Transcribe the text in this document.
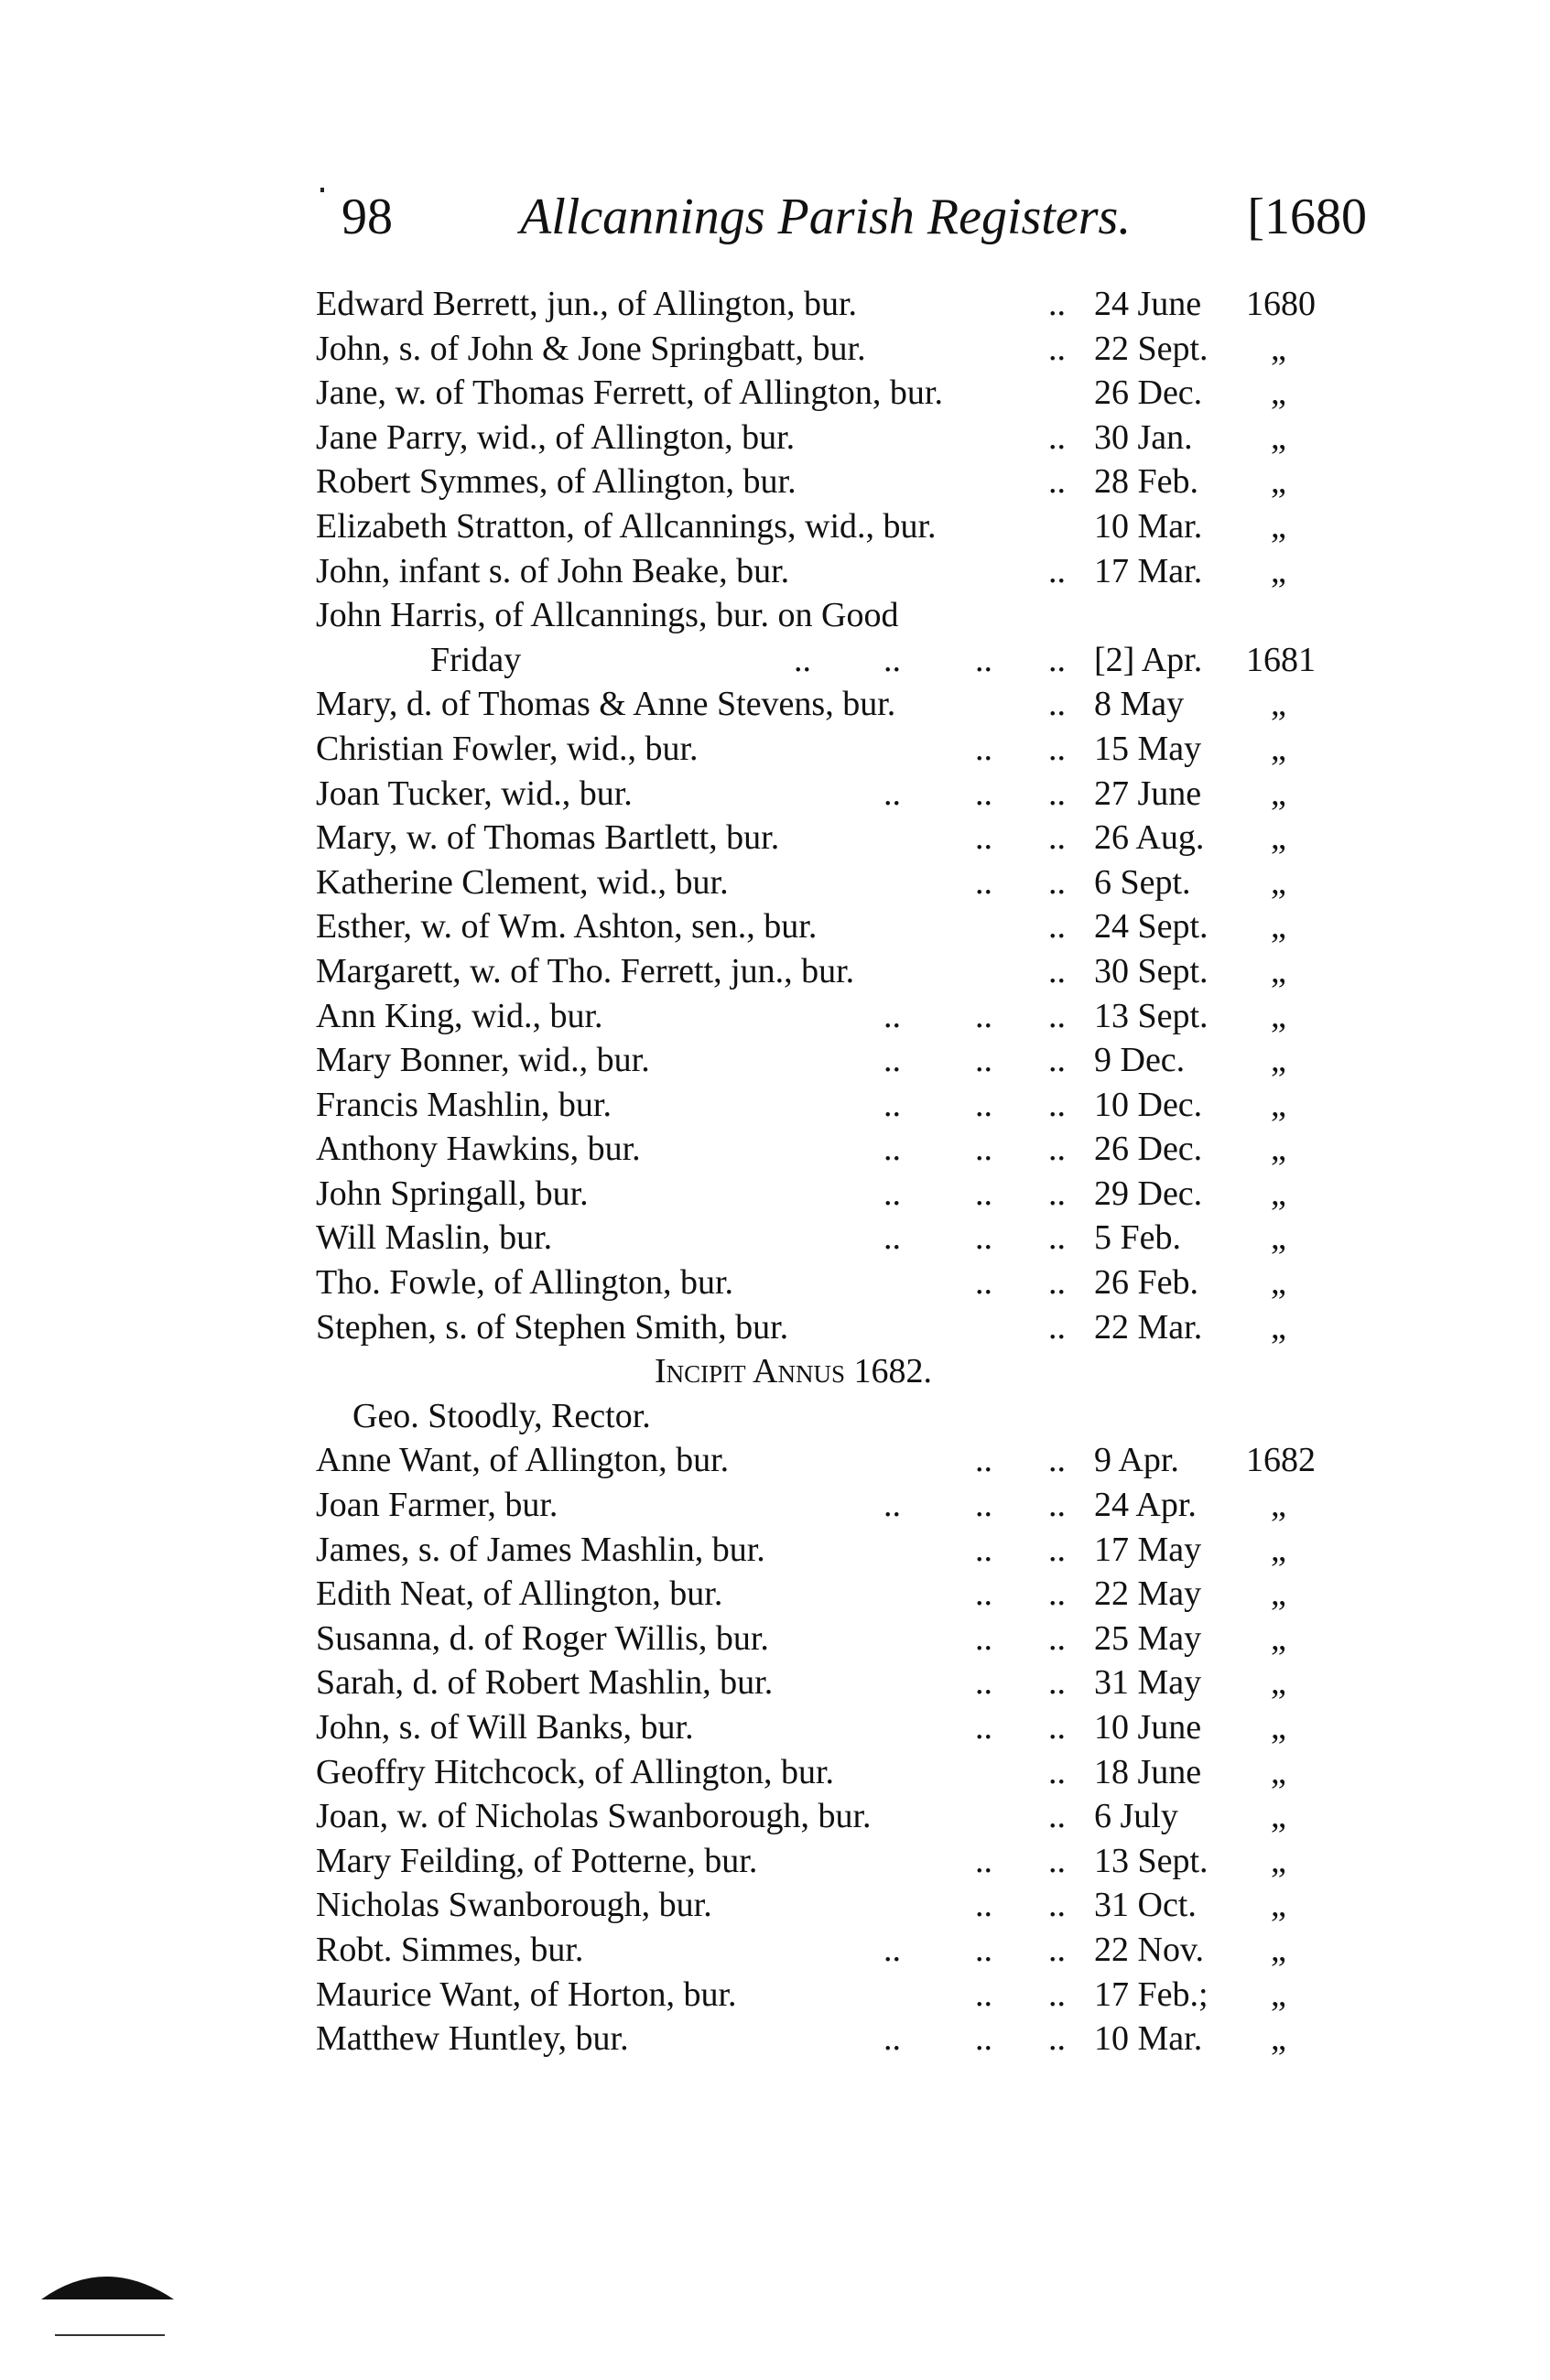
98 Allcannings Parish Registers. [1680
Edward Berrett, jun., of Allington, bur.	.. 24 June 1680
John, s. of John & Jone Springbatt, bur.	.. 22 Sept. „
Jane, w. of Thomas Ferrett, of Allington, bur.	26 Dec. „
Jane Parry, wid., of Allington, bur.	.. 30 Jan. „
Robert Symmes, of Allington, bur.	.. 28 Feb. „
Elizabeth Stratton, of Allcannings, wid., bur.	10 Mar. „
John, infant s. of John Beake, bur.	.. 17 Mar. „
John Harris, of Allcannings, bur. on Good
Friday	.. .. .. .. [2] Apr. 1681
Mary, d. of Thomas & Anne Stevens, bur.	.. 8 May „
Christian Fowler, wid., bur.	.. .. 15 May „
Joan Tucker, wid., bur.	.. .. .. 27 June „
Mary, w. of Thomas Bartlett, bur.	.. .. 26 Aug. „
Katherine Clement, wid., bur.	.. .. 6 Sept. „
Esther, w. of Wm. Ashton, sen., bur.	.. 24 Sept. „
Margarett, w. of Tho. Ferrett, jun., bur.	.. 30 Sept. „
Ann King, wid., bur.	.. .. .. 13 Sept. „
Mary Bonner, wid., bur.	.. .. .. 9 Dec. „
Francis Mashlin, bur.	.. .. .. 10 Dec. „
Anthony Hawkins, bur.	.. .. .. 26 Dec. „
John Springall, bur.	.. .. .. 29 Dec. „
Will Maslin, bur.	.. .. .. 5 Feb.	„
Tho. Fowle, of Allington, bur.	.. .. 26 Feb. „
Stephen, s. of Stephen Smith, bur.	.. 22 Mar. „
Incipit Annus 1682.
Geo. Stoodly, Rector.
Anne Want, of Allington, bur.	.. .. 9 Apr. 1682
Joan Farmer, bur.	.. .. .. 24 Apr. „
James, s. of James Mashlin, bur.	.. .. 17 May „
Edith Neat, of Allington, bur.	.. .. 22 May „
Susanna, d. of Roger Willis, bur.	.. .. 25 May „
Sarah, d. of Robert Mashlin, bur.	.. .. 31 May „
John, s. of Will Banks, bur.	.. .. 10 June „
Geoffry Hitchcock, of Allington, bur.	.. 18 June „
Joan, w. of Nicholas Swanborough, bur.	.. 6 July	„
Mary Feilding, of Potterne, bur.	.. .. 13 Sept. „
Nicholas Swanborough, bur.	.. .. 31 Oct. „
Robt. Simmes, bur.	.. .. .. 22 Nov. „
Maurice Want, of Horton, bur.	.. .. 17 Feb.; „
Matthew Huntley, bur.	.. .. .. 10 Mar. „
